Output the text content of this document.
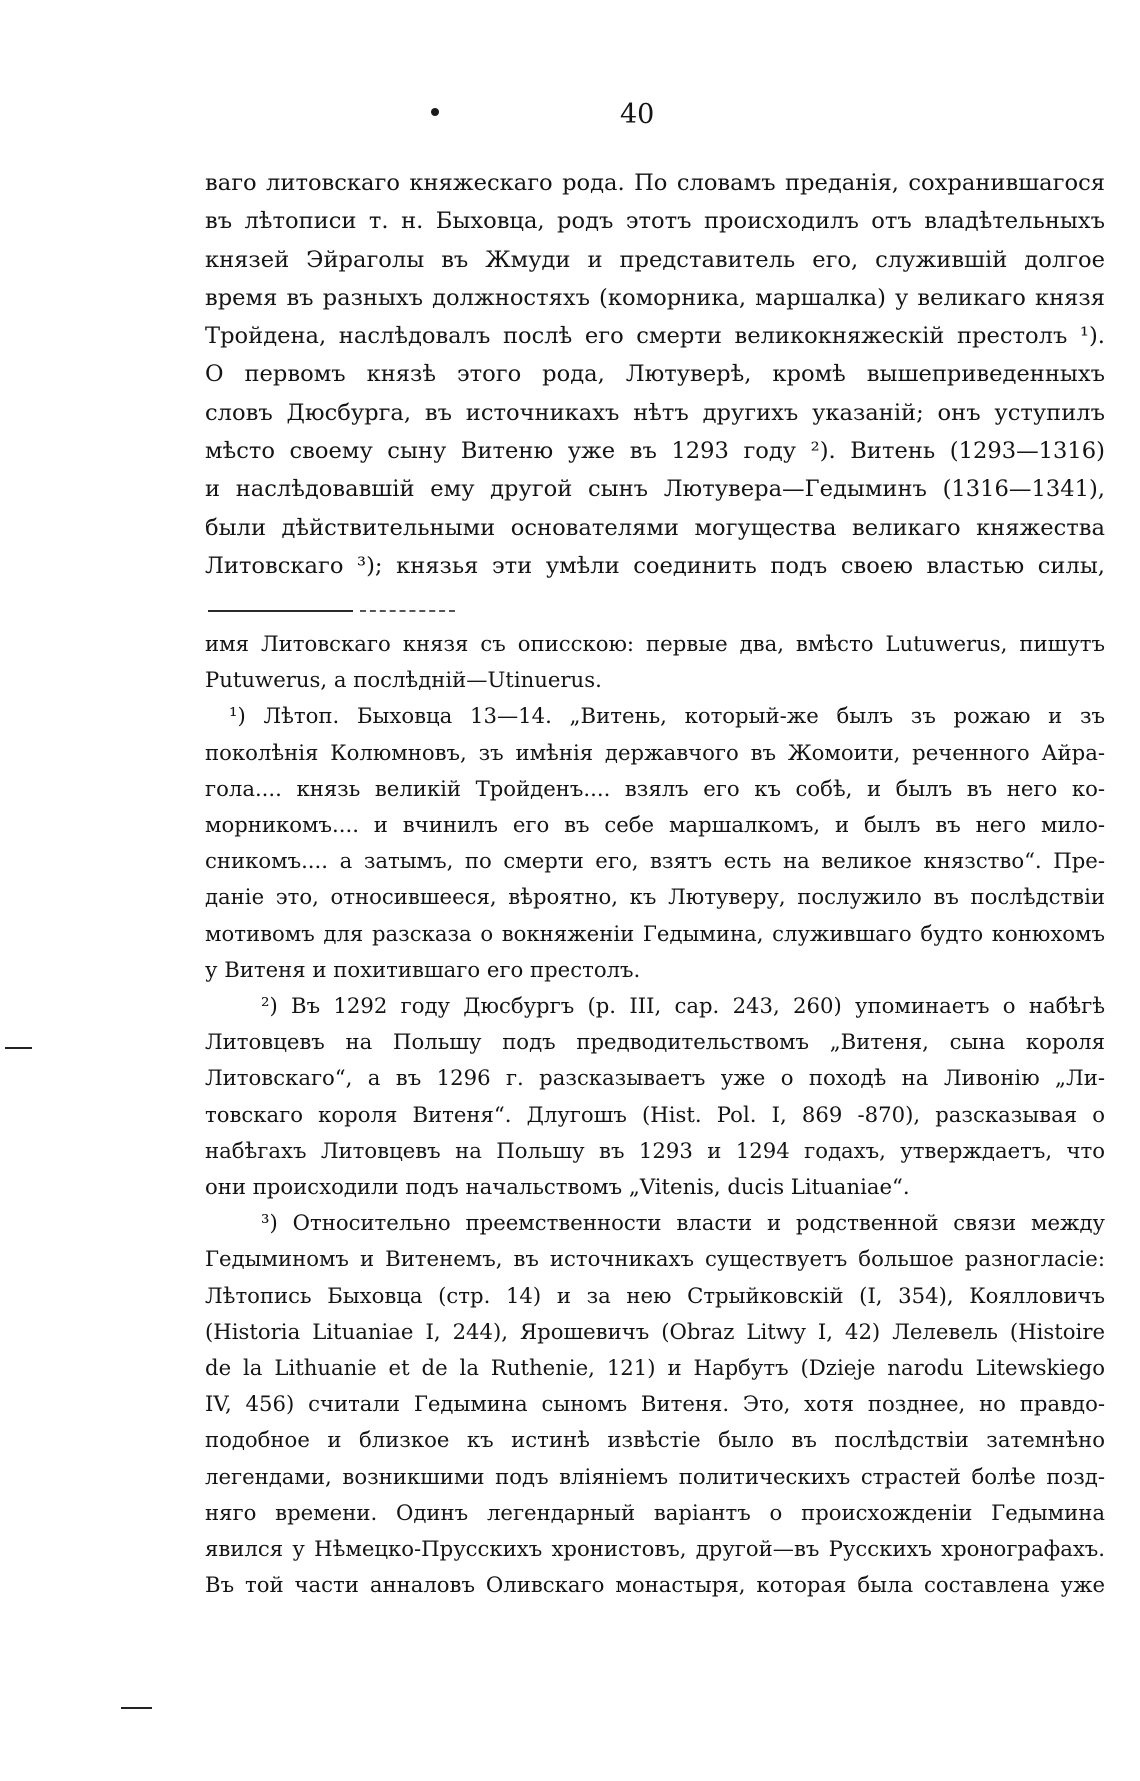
40
ваго литовскаго княжескаго рода. По словамъ преданія, сохранившагося
въ лѣтописи т. н. Быховца, родъ этотъ происходилъ отъ владѣтельныхъ
князей Эйраголы въ Жмуди и представитель его, служившій долгое
время въ разныхъ должностяхъ (коморника, маршалка) у великаго князя
Тройдена, наслѣдовалъ послѣ его смерти великокняжескій престолъ ¹).
О первомъ князѣ этого рода, Лютуверѣ, кромѣ вышеприведенныхъ
словъ Дюсбурга, въ источникахъ нѣтъ другихъ указаній; онъ уступилъ
мѣсто своему сыну Витеню уже въ 1293 году ²). Витень (1293—1316)
и наслѣдовавшій ему другой сынъ Лютувера—Гедыминъ (1316—1341),
были дѣйствительными основателями могущества великаго княжества
Литовскаго ³); князья эти умѣли соединить подъ своею властью силы,
имя Литовскаго князя съ описскою: первые два, вмѣсто Lutuwerus, пишутъ
Putuwerus, а послѣдній—Utinuerus.
¹) Лѣтоп. Быховца 13—14. „Витень, который-же былъ зъ рожаю и зъ
поколѣнія Колюмновъ, зъ имѣнія державчого въ Жомоити, реченного Айра-
гола.... князь великій Тройденъ.... взялъ его къ собѣ, и былъ въ него ко-
морникомъ.... и вчинилъ его въ себе маршалкомъ, и былъ въ него мило-
сникомъ.... а затымъ, по смерти его, взятъ есть на великое князство“. Пре-
даніе это, относившееся, вѣроятно, къ Лютуверу, послужило въ послѣдствіи
мотивомъ для разсказа о вокняженіи Гедымина, служившаго будто конюхомъ
у Витеня и похитившаго его престолъ.
²) Въ 1292 году Дюсбургъ (р. III, сар. 243, 260) упоминаетъ о набѣгѣ
Литовцевъ на Польшу подъ предводительствомъ „Витеня, сына короля
Литовскаго“, а въ 1296 г. разсказываетъ уже о походѣ на Ливонію „Ли-
товскаго короля Витеня“. Длугошъ (Hist. Pol. I, 869 -870), разсказывая о
набѣгахъ Литовцевъ на Польшу въ 1293 и 1294 годахъ, утверждаетъ, что
они происходили подъ начальствомъ „Vitenis, ducis Lituaniae“.
³) Относительно преемственности власти и родственной связи между
Гедыминомъ и Витенемъ, въ источникахъ существуетъ большое разногласіе:
Лѣтопись Быховца (стр. 14) и за нею Стрыйковскій (I, 354), Коялловичъ
(Historia Lituaniae I, 244), Ярошевичъ (Obraz Litwy I, 42) Лелевель (Histoire
de la Lithuanie et de la Ruthenie, 121) и Нарбутъ (Dzieje narodu Litewskiego
IV, 456) считали Гедымина сыномъ Витеня. Это, хотя позднее, но правдо-
подобное и близкое къ истинѣ извѣстіе было въ послѣдствіи затемнѣно
легендами, возникшими подъ вліяніемъ политическихъ страстей болѣе позд-
няго времени. Одинъ легендарный варіантъ о происхожденіи Гедымина
явился у Нѣмецко-Прусскихъ хронистовъ, другой—въ Русскихъ хронографахъ.
Въ той части анналовъ Оливскаго монастыря, которая была составлена уже
